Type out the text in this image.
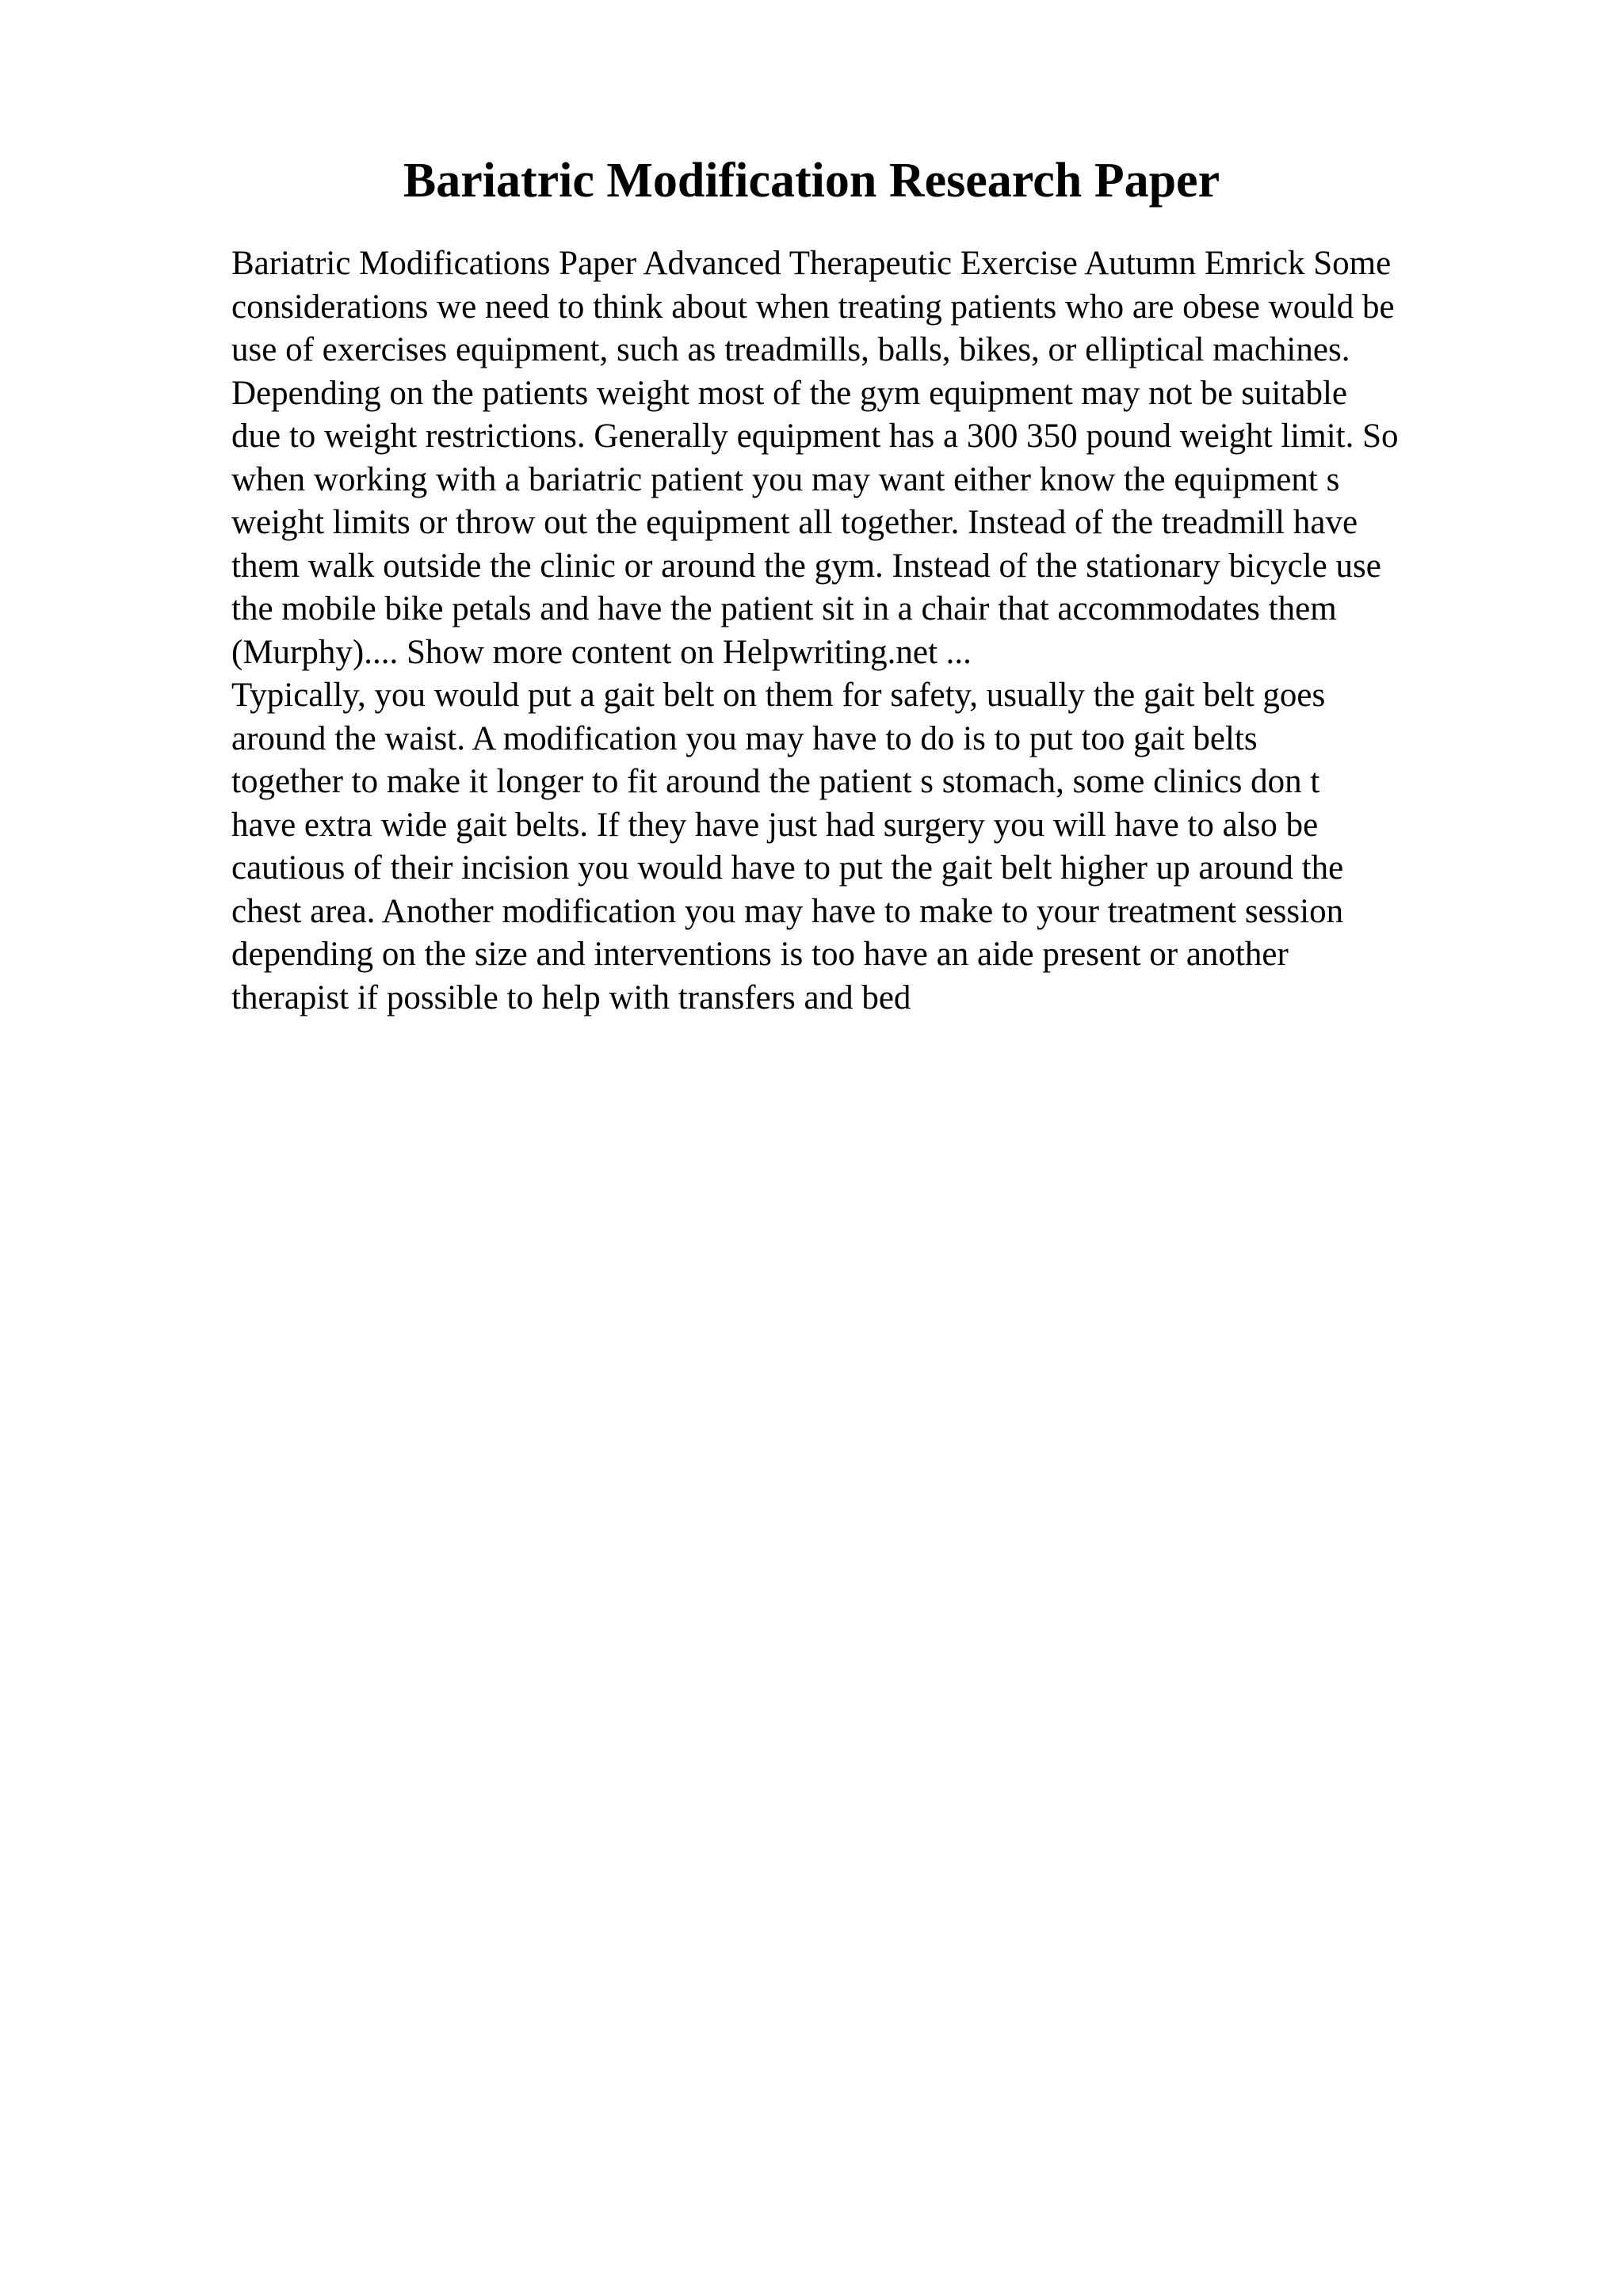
Bariatric Modification Research Paper
Bariatric Modifications Paper Advanced Therapeutic Exercise Autumn Emrick Some
considerations we need to think about when treating patients who are obese would be
use of exercises equipment, such as treadmills, balls, bikes, or elliptical machines.
Depending on the patients weight most of the gym equipment may not be suitable
due to weight restrictions. Generally equipment has a 300 350 pound weight limit. So
when working with a bariatric patient you may want either know the equipment s
weight limits or throw out the equipment all together. Instead of the treadmill have
them walk outside the clinic or around the gym. Instead of the stationary bicycle use
the mobile bike petals and have the patient sit in a chair that accommodates them
(Murphy).... Show more content on Helpwriting.net ...
Typically, you would put a gait belt on them for safety, usually the gait belt goes
around the waist. A modification you may have to do is to put too gait belts
together to make it longer to fit around the patient s stomach, some clinics don t
have extra wide gait belts. If they have just had surgery you will have to also be
cautious of their incision you would have to put the gait belt higher up around the
chest area. Another modification you may have to make to your treatment session
depending on the size and interventions is too have an aide present or another
therapist if possible to help with transfers and bed
